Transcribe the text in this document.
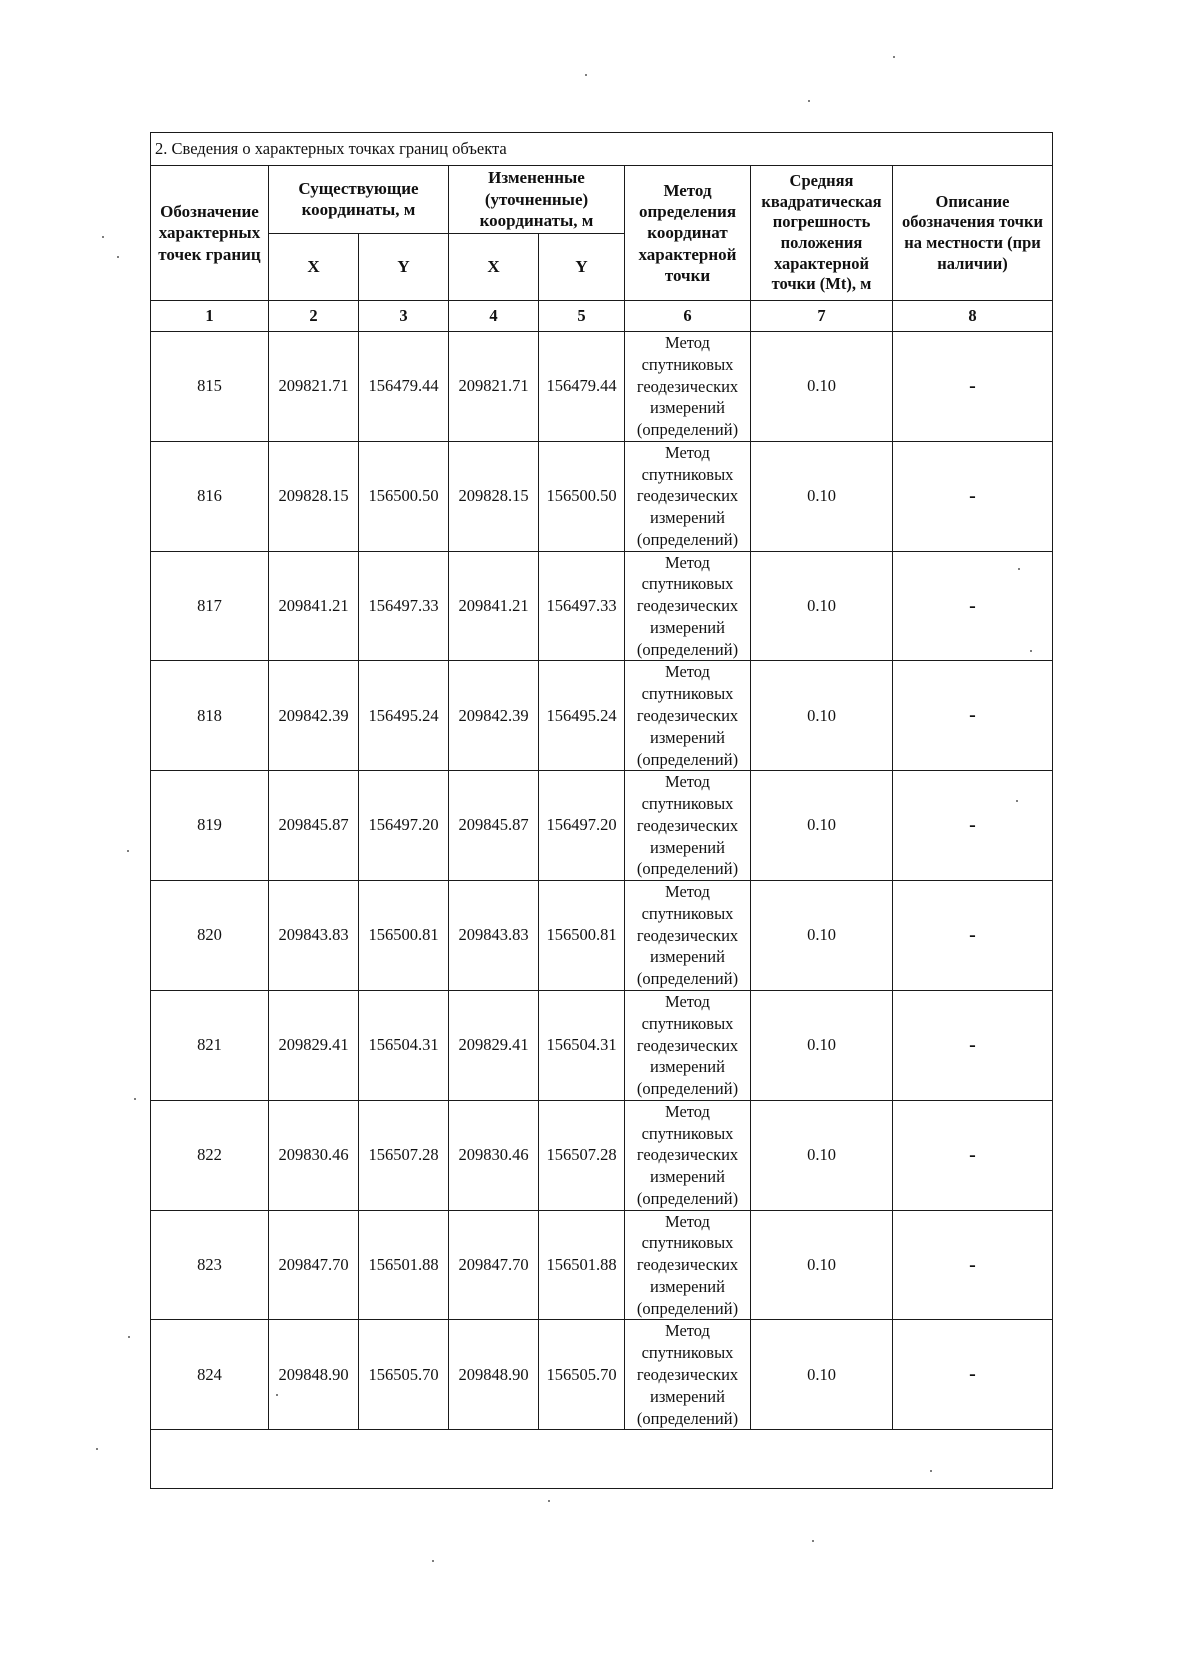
2. Сведения о характерных точках границ объекта							
Обозначение характерных точек границ	Существующие координаты, м		Измененные (уточненные) координаты, м		Метод определения координат характерной точки	Средняя квадратическая погрешность положения характерной точки (Mt), м	Описание обозначения точки на местности (при наличии)
	X	Y	X	Y			
1	2	3	4	5	6	7	8
815	209821.71	156479.44	209821.71	156479.44	Метод спутниковых геодезических измерений (определений)	0.10	-
816	209828.15	156500.50	209828.15	156500.50	Метод спутниковых геодезических измерений (определений)	0.10	-
817	209841.21	156497.33	209841.21	156497.33	Метод спутниковых геодезических измерений (определений)	0.10	-
818	209842.39	156495.24	209842.39	156495.24	Метод спутниковых геодезических измерений (определений)	0.10	-
819	209845.87	156497.20	209845.87	156497.20	Метод спутниковых геодезических измерений (определений)	0.10	-
820	209843.83	156500.81	209843.83	156500.81	Метод спутниковых геодезических измерений (определений)	0.10	-
821	209829.41	156504.31	209829.41	156504.31	Метод спутниковых геодезических измерений (определений)	0.10	-
822	209830.46	156507.28	209830.46	156507.28	Метод спутниковых геодезических измерений (определений)	0.10	-
823	209847.70	156501.88	209847.70	156501.88	Метод спутниковых геодезических измерений (определений)	0.10	-
824	209848.90	156505.70	209848.90	156505.70	Метод спутниковых геодезических измерений (определений)	0.10	-
